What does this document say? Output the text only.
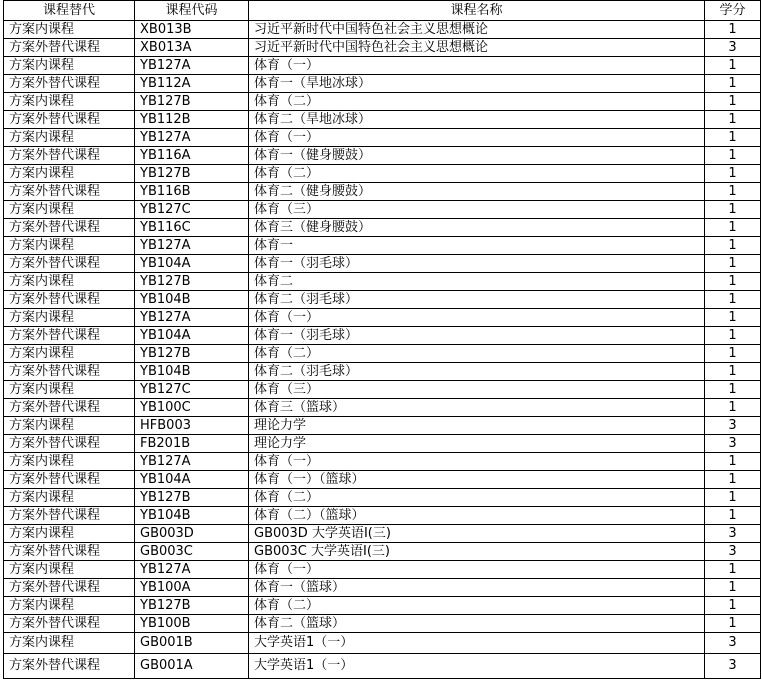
课程替代	课程代码	课程名称	学分
方案内课程	XB013B	习近平新时代中国特色社会主义思想概论	1
方案外替代课程	XB013A	习近平新时代中国特色社会主义思想概论	3
方案内课程	YB127A	体育（一）	1
方案外替代课程	YB112A	体育一（旱地冰球）	1
方案内课程	YB127B	体育（二）	1
方案外替代课程	YB112B	体育二（旱地冰球）	1
方案内课程	YB127A	体育（一）	1
方案外替代课程	YB116A	体育一（健身腰鼓）	1
方案内课程	YB127B	体育（二）	1
方案外替代课程	YB116B	体育二（健身腰鼓）	1
方案内课程	YB127C	体育（三）	1
方案外替代课程	YB116C	体育三（健身腰鼓）	1
方案内课程	YB127A	体育一	1
方案外替代课程	YB104A	体育一（羽毛球）	1
方案内课程	YB127B	体育二	1
方案外替代课程	YB104B	体育二（羽毛球）	1
方案内课程	YB127A	体育（一）	1
方案外替代课程	YB104A	体育一（羽毛球）	1
方案内课程	YB127B	体育（二）	1
方案外替代课程	YB104B	体育二（羽毛球）	1
方案内课程	YB127C	体育（三）	1
方案外替代课程	YB100C	体育三（篮球）	1
方案内课程	HFB003	理论力学	3
方案外替代课程	FB201B	理论力学	3
方案内课程	YB127A	体育（一）	1
方案外替代课程	YB104A	体育（一）（篮球）	1
方案内课程	YB127B	体育（二）	1
方案外替代课程	YB104B	体育（二）（篮球）	1
方案内课程	GB003D	GB003D 大学英语Ⅰ(三)	3
方案外替代课程	GB003C	GB003C 大学英语Ⅰ(三)	3
方案内课程	YB127A	体育（一）	1
方案外替代课程	YB100A	体育一（篮球）	1
方案内课程	YB127B	体育（二）	1
方案外替代课程	YB100B	体育二（篮球）	1
方案内课程	GB001B	大学英语1（一）	3
方案外替代课程	GB001A	大学英语1（一）	3
